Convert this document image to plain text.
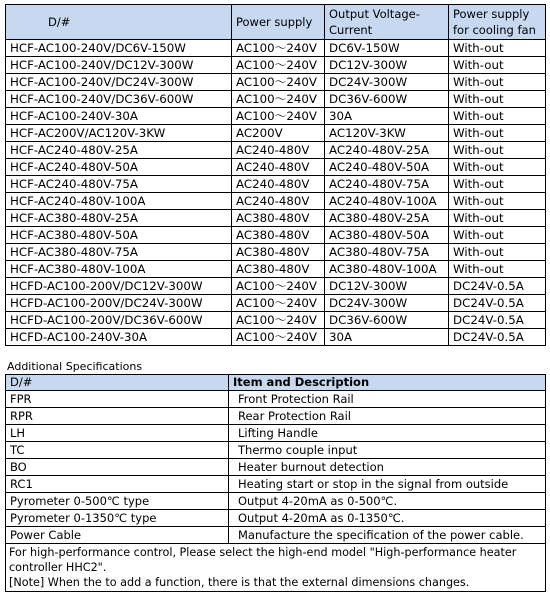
D/#	Power supply	Output Voltage-Current	Power supply for cooling fan
HCF-AC100-240V/DC6V-150W	AC100～240V	DC6V-150W	With-out
HCF-AC100-240V/DC12V-300W	AC100～240V	DC12V-300W	With-out
HCF-AC100-240V/DC24V-300W	AC100～240V	DC24V-300W	With-out
HCF-AC100-240V/DC36V-600W	AC100～240V	DC36V-600W	With-out
HCF-AC100-240V-30A	AC100～240V	30A	With-out
HCF-AC200V/AC120V-3KW	AC200V	AC120V-3KW	With-out
HCF-AC240-480V-25A	AC240-480V	AC240-480V-25A	With-out
HCF-AC240-480V-50A	AC240-480V	AC240-480V-50A	With-out
HCF-AC240-480V-75A	AC240-480V	AC240-480V-75A	With-out
HCF-AC240-480V-100A	AC240-480V	AC240-480V-100A	With-out
HCF-AC380-480V-25A	AC380-480V	AC380-480V-25A	With-out
HCF-AC380-480V-50A	AC380-480V	AC380-480V-50A	With-out
HCF-AC380-480V-75A	AC380-480V	AC380-480V-75A	With-out
HCF-AC380-480V-100A	AC380-480V	AC380-480V-100A	With-out
HCFD-AC100-200V/DC12V-300W	AC100～240V	DC12V-300W	DC24V-0.5A
HCFD-AC100-200V/DC24V-300W	AC100～240V	DC24V-300W	DC24V-0.5A
HCFD-AC100-200V/DC36V-600W	AC100～240V	DC36V-600W	DC24V-0.5A
HCFD-AC100-240V-30A	AC100～240V	30A	DC24V-0.5A
Additional Specifications
D/#	Item and Description
FPR	Front Protection Rail
RPR	Rear Protection Rail
LH	Lifting Handle
TC	Thermo couple input
BO	Heater burnout detection
RC1	Heating start or stop in the signal from outside
Pyrometer 0-500℃ type	Output 4-20mA as 0-500℃.
Pyrometer 0-1350℃ type	Output 4-20mA as 0-1350℃.
Power Cable	Manufacture the specification of the power cable.

For high-performance control, Please select the high-end model "High-performance heater controller HHC2".
[Note] When the to add a function, there is that the external dimensions changes.	
